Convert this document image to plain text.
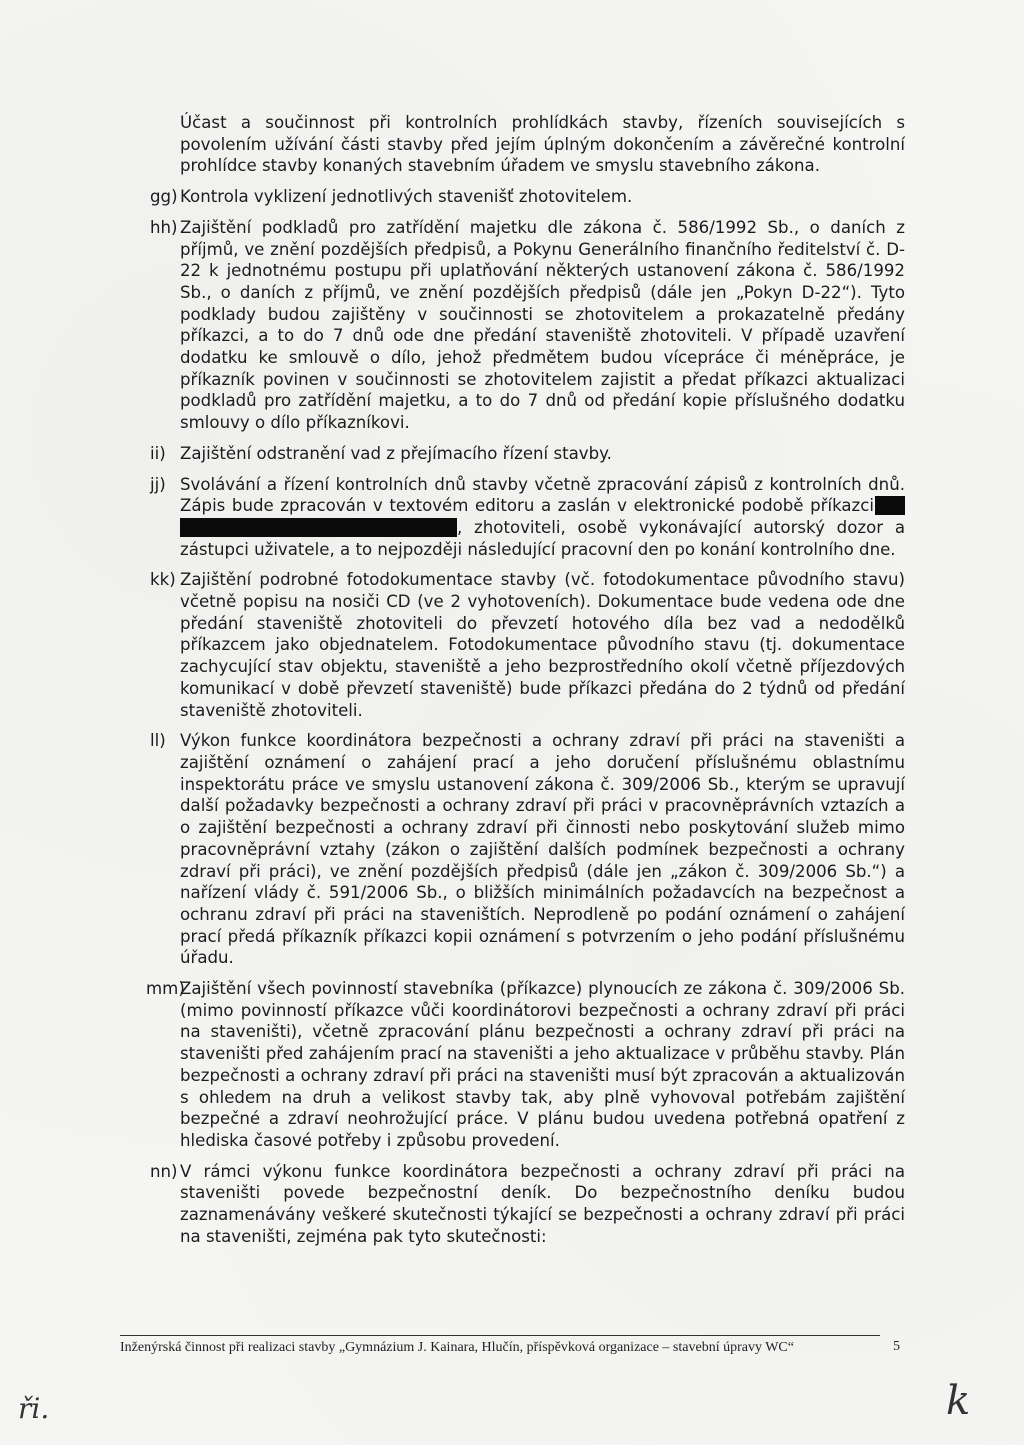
Účast a součinnost při kontrolních prohlídkách stavby, řízeních souvisejících s povolením užívání části stavby před jejím úplným dokončením a závěrečné kontrolní prohlídce stavby konaných stavebním úřadem ve smyslu stavebního zákona.

gg) Kontrola vyklizení jednotlivých stavenišť zhotovitelem.
hh) Zajištění podkladů pro zatřídění majetku dle zákona č. 586/1992 Sb., o daních z příjmů, ve znění pozdějších předpisů, a Pokynu Generálního finančního ředitelství č. D-22 k jednotnému postupu při uplatňování některých ustanovení zákona č. 586/1992 Sb., o daních z příjmů, ve znění pozdějších předpisů (dále jen „Pokyn D-22“). Tyto podklady budou zajištěny v součinnosti se zhotovitelem a prokazatelně předány příkazci, a to do 7 dnů ode dne předání staveniště zhotoviteli. V případě uzavření dodatku ke smlouvě o dílo, jehož předmětem budou vícepráce či méněpráce, je příkazník povinen v součinnosti se zhotovitelem zajistit a předat příkazci aktualizaci podkladů pro zatřídění majetku, a to do 7 dnů od předání kopie příslušného dodatku smlouvy o dílo příkazníkovi.
ii) Zajištění odstranění vad z přejímacího řízení stavby.
jj) Svolávání a řízení kontrolních dnů stavby včetně zpracování zápisů z kontrolních dnů. Zápis bude zpracován v textovém editoru a zaslán v elektronické podobě příkazci , zhotoviteli, osobě vykonávající autorský dozor a zástupci uživatele, a to nejpozději následující pracovní den po konání kontrolního dne.
kk) Zajištění podrobné fotodokumentace stavby (vč. fotodokumentace původního stavu) včetně popisu na nosiči CD (ve 2 vyhotoveních). Dokumentace bude vedena ode dne předání staveniště zhotoviteli do převzetí hotového díla bez vad a nedodělků příkazcem jako objednatelem. Fotodokumentace původního stavu (tj. dokumentace zachycující stav objektu, staveniště a jeho bezprostředního okolí včetně příjezdových komunikací v době převzetí staveniště) bude příkazci předána do 2 týdnů od předání staveniště zhotoviteli.
ll) Výkon funkce koordinátora bezpečnosti a ochrany zdraví při práci na staveništi a zajištění oznámení o zahájení prací a jeho doručení příslušnému oblastnímu inspektorátu práce ve smyslu ustanovení zákona č. 309/2006 Sb., kterým se upravují další požadavky bezpečnosti a ochrany zdraví při práci v pracovněprávních vztazích a o zajištění bezpečnosti a ochrany zdraví při činnosti nebo poskytování služeb mimo pracovněprávní vztahy (zákon o zajištění dalších podmínek bezpečnosti a ochrany zdraví při práci), ve znění pozdějších předpisů (dále jen „zákon č. 309/2006 Sb.“) a nařízení vlády č. 591/2006 Sb., o bližších minimálních požadavcích na bezpečnost a ochranu zdraví při práci na staveništích. Neprodleně po podání oznámení o zahájení prací předá příkazník příkazci kopii oznámení s potvrzením o jeho podání příslušnému úřadu.
mm)
Zajištění všech povinností stavebníka (příkazce) plynoucích ze zákona č. 309/2006 Sb. (mimo povinností příkazce vůči koordinátorovi bezpečnosti a ochrany zdraví při práci na staveništi), včetně zpracování plánu bezpečnosti a ochrany zdraví při práci na staveništi před zahájením prací na staveništi a jeho aktualizace v průběhu stavby. Plán bezpečnosti a ochrany zdraví při práci na staveništi musí být zpracován a aktualizován s ohledem na druh a velikost stavby tak, aby plně vyhovoval potřebám zajištění bezpečné a zdraví neohrožující práce. V plánu budou uvedena potřebná opatření z hlediska časové potřeby i způsobu provedení.
nn) V rámci výkonu funkce koordinátora bezpečnosti a ochrany zdraví při práci na staveništi povede bezpečnostní deník. Do bezpečnostního deníku budou zaznamenávány veškeré skutečnosti týkající se bezpečnosti a ochrany zdraví při práci na staveništi, zejména pak tyto skutečnosti:
Inženýrská činnost při realizaci stavby „Gymnázium J. Kainara, Hlučín, příspěvková organizace – stavební úpravy WC“	5
ři.	k
